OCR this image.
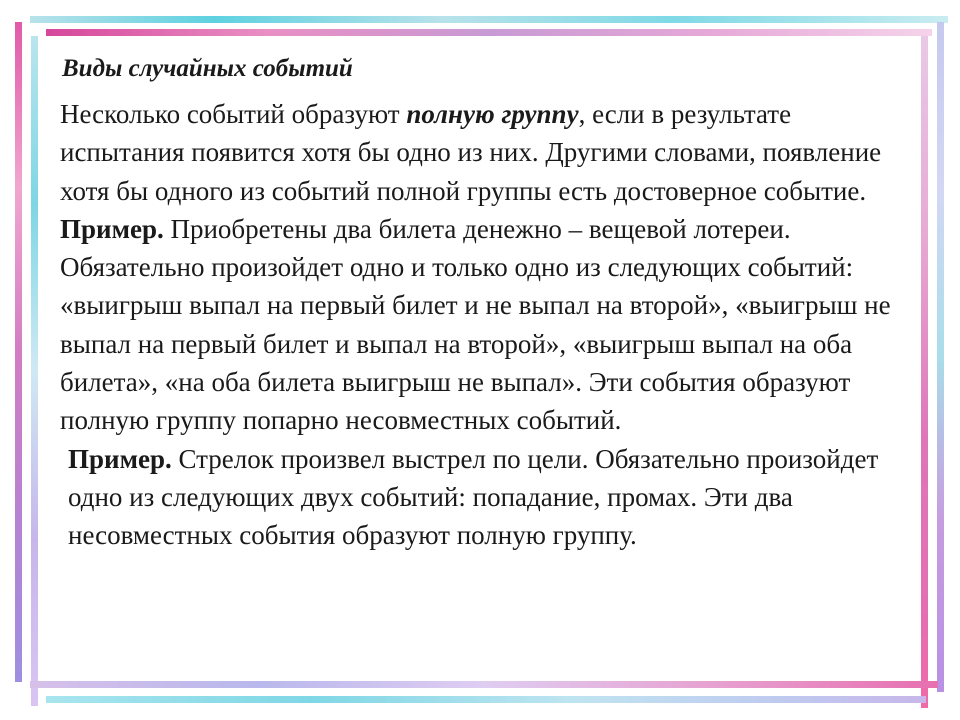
Виды случайных событий

Несколько событий образуют полную группу, если в результате испытания появится хотя бы одно из них. Другими словами, появление хотя бы одного из событий полной группы есть достоверное событие.

Пример. Приобретены два билета денежно – вещевой лотереи. Обязательно произойдет одно и только одно из следующих событий: «выигрыш выпал на первый билет и не выпал на второй», «выигрыш не выпал на первый билет и выпал на второй», «выигрыш выпал на оба билета», «на оба билета выигрыш не выпал». Эти события образуют полную группу попарно несовместных событий.

Пример. Стрелок произвел выстрел по цели. Обязательно произойдет одно из следующих двух событий: попадание, промах. Эти два несовместных события образуют полную группу.
